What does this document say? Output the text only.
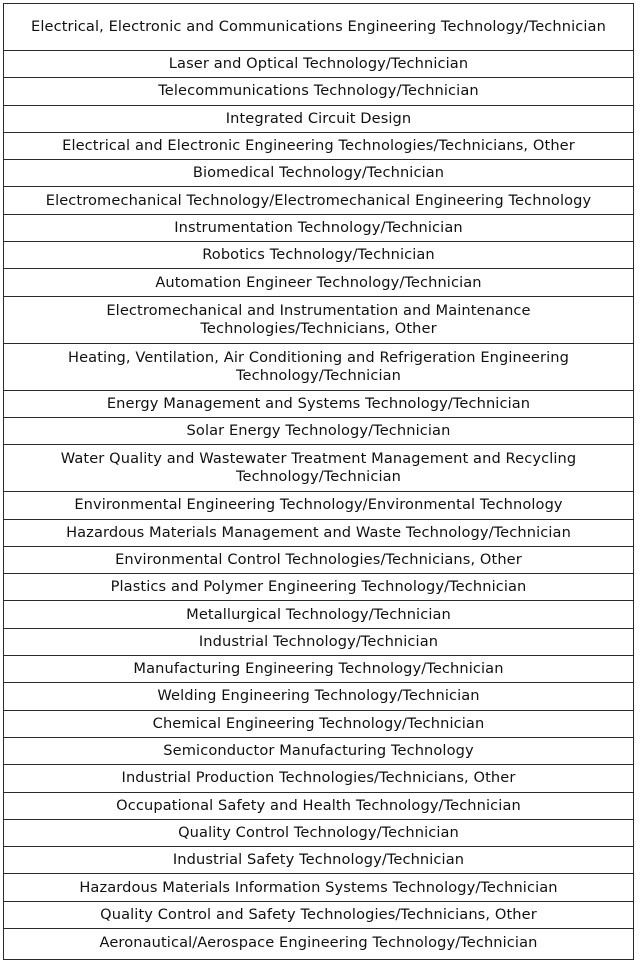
Electrical, Electronic and Communications Engineering Technology/Technician
Laser and Optical Technology/Technician
Telecommunications Technology/Technician
Integrated Circuit Design
Electrical and Electronic Engineering Technologies/Technicians, Other
Biomedical Technology/Technician
Electromechanical Technology/Electromechanical Engineering Technology
Instrumentation Technology/Technician
Robotics Technology/Technician
Automation Engineer Technology/Technician
Electromechanical and Instrumentation and Maintenance Technologies/Technicians, Other
Heating, Ventilation, Air Conditioning and Refrigeration Engineering Technology/Technician
Energy Management and Systems Technology/Technician
Solar Energy Technology/Technician
Water Quality and Wastewater Treatment Management and Recycling Technology/Technician
Environmental Engineering Technology/Environmental Technology
Hazardous Materials Management and Waste Technology/Technician
Environmental Control Technologies/Technicians, Other
Plastics and Polymer Engineering Technology/Technician
Metallurgical Technology/Technician
Industrial Technology/Technician
Manufacturing Engineering Technology/Technician
Welding Engineering Technology/Technician
Chemical Engineering Technology/Technician
Semiconductor Manufacturing Technology
Industrial Production Technologies/Technicians, Other
Occupational Safety and Health Technology/Technician
Quality Control Technology/Technician
Industrial Safety Technology/Technician
Hazardous Materials Information Systems Technology/Technician
Quality Control and Safety Technologies/Technicians, Other
Aeronautical/Aerospace Engineering Technology/Technician
